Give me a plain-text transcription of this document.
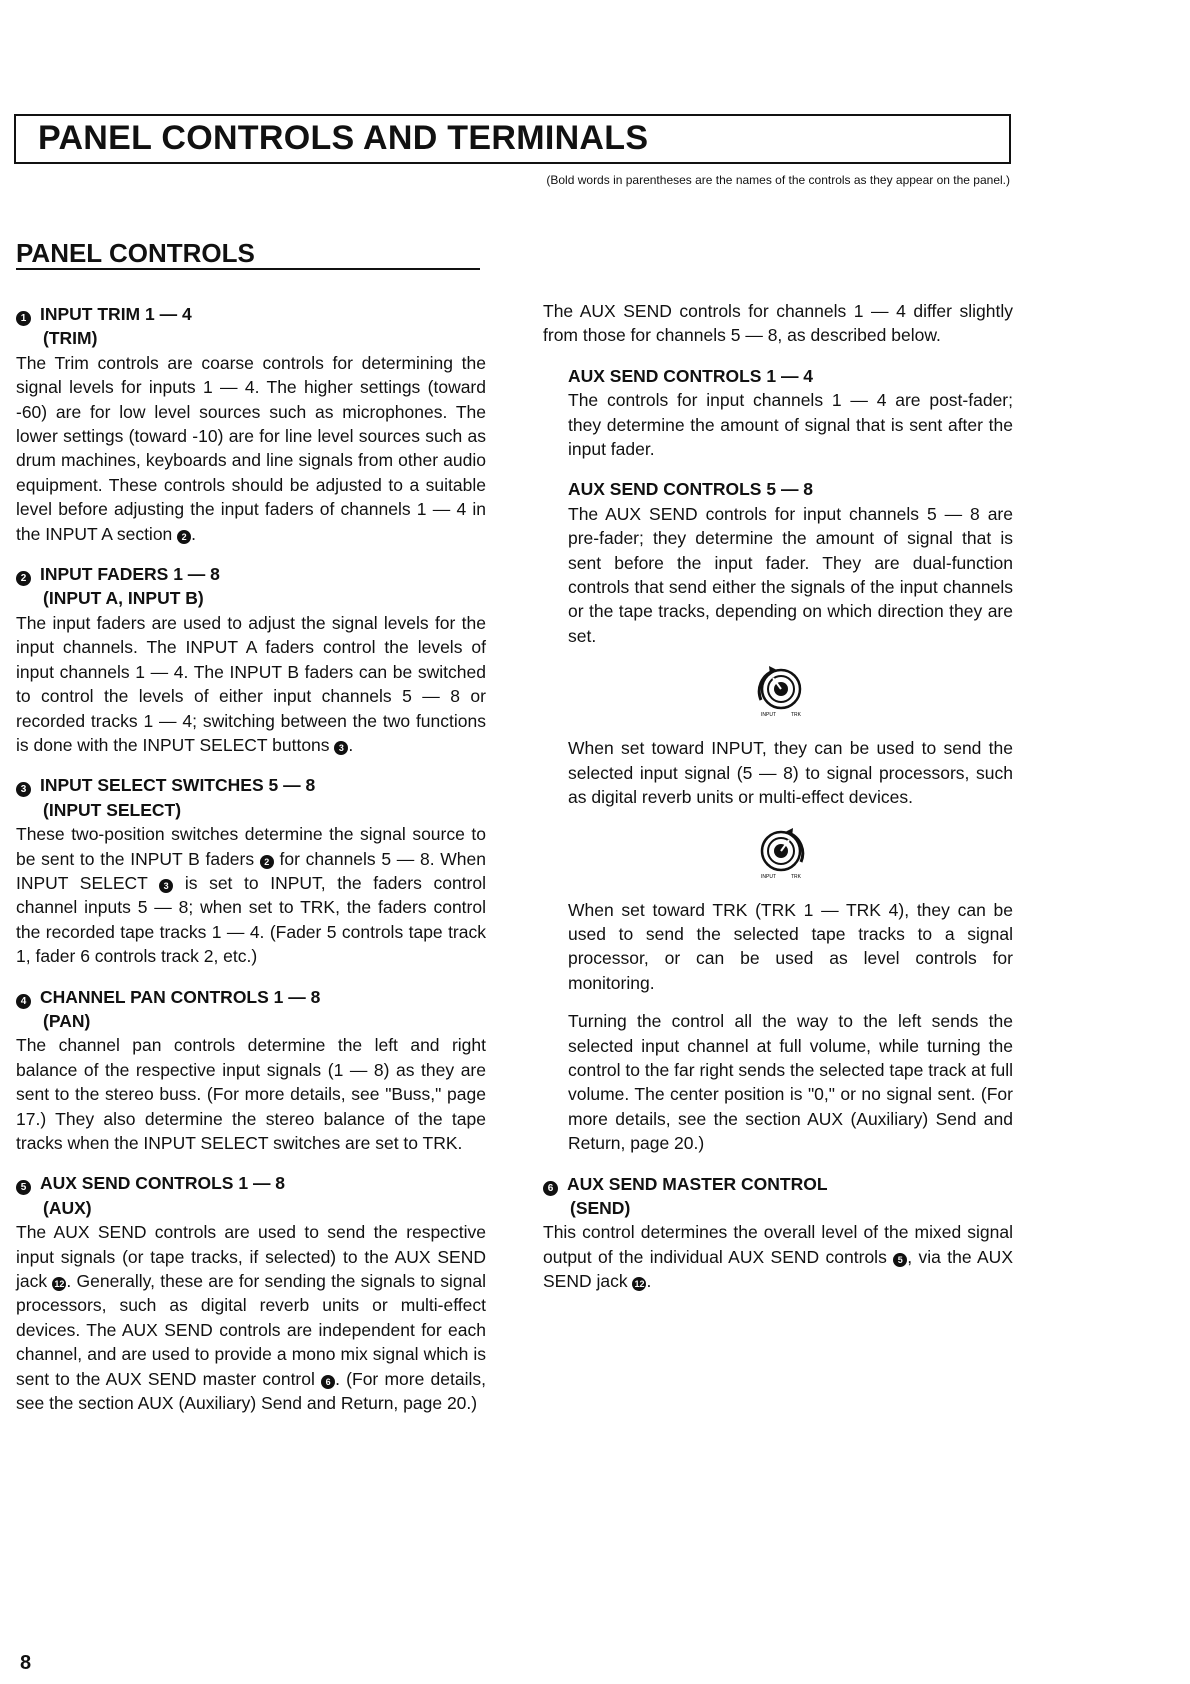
PANEL CONTROLS AND TERMINALS
(Bold words in parentheses are the names of the controls as they appear on the panel.)
PANEL CONTROLS
1 INPUT TRIM 1 — 4
(TRIM)

The Trim controls are coarse controls for determining the signal levels for inputs 1 — 4. The higher settings (toward -60) are for low level sources such as microphones. The lower settings (toward -10) are for line level sources such as drum machines, keyboards and line signals from other audio equipment. These controls should be adjusted to a suitable level before adjusting the input faders of channels 1 — 4 in the INPUT A section 2 .

2 INPUT FADERS 1 — 8
(INPUT A, INPUT B)

The input faders are used to adjust the signal levels for the input channels. The INPUT A faders control the levels of input channels 1 — 4. The INPUT B faders can be switched to control the levels of either input channels 5 — 8 or recorded tracks 1 — 4; switching between the two functions is done with the INPUT SELECT buttons 3 .

3 INPUT SELECT SWITCHES 5 — 8
(INPUT SELECT)

These two-position switches determine the signal source to be sent to the INPUT B faders 2 for channels 5 — 8. When INPUT SELECT 3 is set to INPUT, the faders control channel inputs 5 — 8; when set to TRK, the faders control the recorded tape tracks 1 — 4. (Fader 5 controls tape track 1, fader 6 controls track 2, etc.)

4 CHANNEL PAN CONTROLS 1 — 8
(PAN)

The channel pan controls determine the left and right balance of the respective input signals (1 — 8) as they are sent to the stereo buss. (For more details, see "Buss," page 17.) They also determine the stereo balance of the tape tracks when the INPUT SELECT switches are set to TRK.

5 AUX SEND CONTROLS 1 — 8
(AUX)

The AUX SEND controls are used to send the respective input signals (or tape tracks, if selected) to the AUX SEND jack 12 . Generally, these are for sending the signals to signal processors, such as digital reverb units or multi-effect devices. The AUX SEND controls are independent for each channel, and are used to provide a mono mix signal which is sent to the AUX SEND master control 6 . (For more details, see the section AUX (Auxiliary) Send and Return, page 20.)

The AUX SEND controls for channels 1 — 4 differ slightly from those for channels 5 — 8, as described below.

AUX SEND CONTROLS 1 — 4

The controls for input channels 1 — 4 are post-fader; they determine the amount of signal that is sent after the input fader.

AUX SEND CONTROLS 5 — 8

The AUX SEND controls for input channels 5 — 8 are pre-fader; they determine the amount of signal that is sent before the input fader. They are dual-function controls that send either the signals of the input channels or the tape tracks, depending on which direction they are set.

INPUT	TRK

When set toward INPUT, they can be used to send the selected input signal (5 — 8) to signal processors, such as digital reverb units or multi-effect devices.

INPUT	TRK

When set toward TRK (TRK 1 — TRK 4), they can be used to send the selected tape tracks to a signal processor, or can be used as level controls for monitoring.

Turning the control all the way to the left sends the selected input channel at full volume, while turning the control to the far right sends the selected tape track at full volume. The center position is "0," or no signal sent. (For more details, see the section AUX (Auxiliary) Send and Return, page 20.)

6 AUX SEND MASTER CONTROL
(SEND)

This control determines the overall level of the mixed signal output of the individual AUX SEND controls 5 , via the AUX SEND jack 12 .

8
